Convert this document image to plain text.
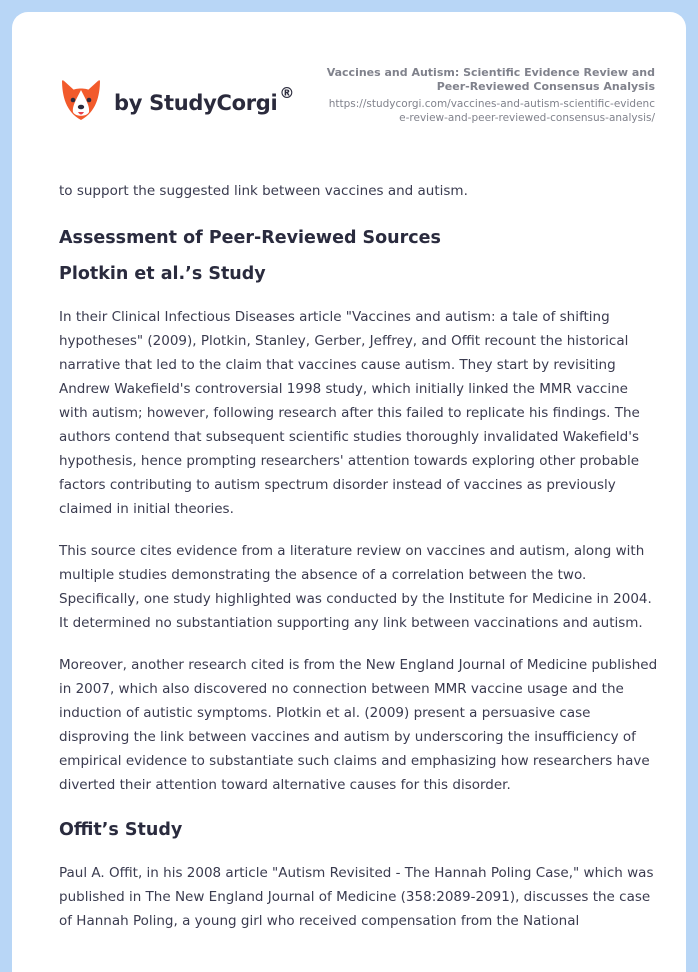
by StudyCorgi ®
Vaccines and Autism: Scientific Evidence Review and Peer-Reviewed Consensus Analysis
https://studycorgi.com/vaccines-and-autism-scientific-evidence-review-and-peer-reviewed-consensus-analysis/

to support the suggested link between vaccines and autism.

Assessment of Peer-Reviewed Sources
Plotkin et al.’s Study

In their Clinical Infectious Diseases article "Vaccines and autism: a tale of shifting hypotheses" (2009), Plotkin, Stanley, Gerber, Jeffrey, and Offit recount the historical narrative that led to the claim that vaccines cause autism. They start by revisiting Andrew Wakefield's controversial 1998 study, which initially linked the MMR vaccine with autism; however, following research after this failed to replicate his findings. The authors contend that subsequent scientific studies thoroughly invalidated Wakefield's hypothesis, hence prompting researchers' attention towards exploring other probable factors contributing to autism spectrum disorder instead of vaccines as previously claimed in initial theories.

This source cites evidence from a literature review on vaccines and autism, along with multiple studies demonstrating the absence of a correlation between the two. Specifically, one study highlighted was conducted by the Institute for Medicine in 2004. It determined no substantiation supporting any link between vaccinations and autism.

Moreover, another research cited is from the New England Journal of Medicine published in 2007, which also discovered no connection between MMR vaccine usage and the induction of autistic symptoms. Plotkin et al. (2009) present a persuasive case disproving the link between vaccines and autism by underscoring the insufficiency of empirical evidence to substantiate such claims and emphasizing how researchers have diverted their attention toward alternative causes for this disorder.

Offit’s Study

Paul A. Offit, in his 2008 article "Autism Revisited - The Hannah Poling Case," which was published in The New England Journal of Medicine (358:2089-2091), discusses the case of Hannah Poling, a young girl who received compensation from the National
